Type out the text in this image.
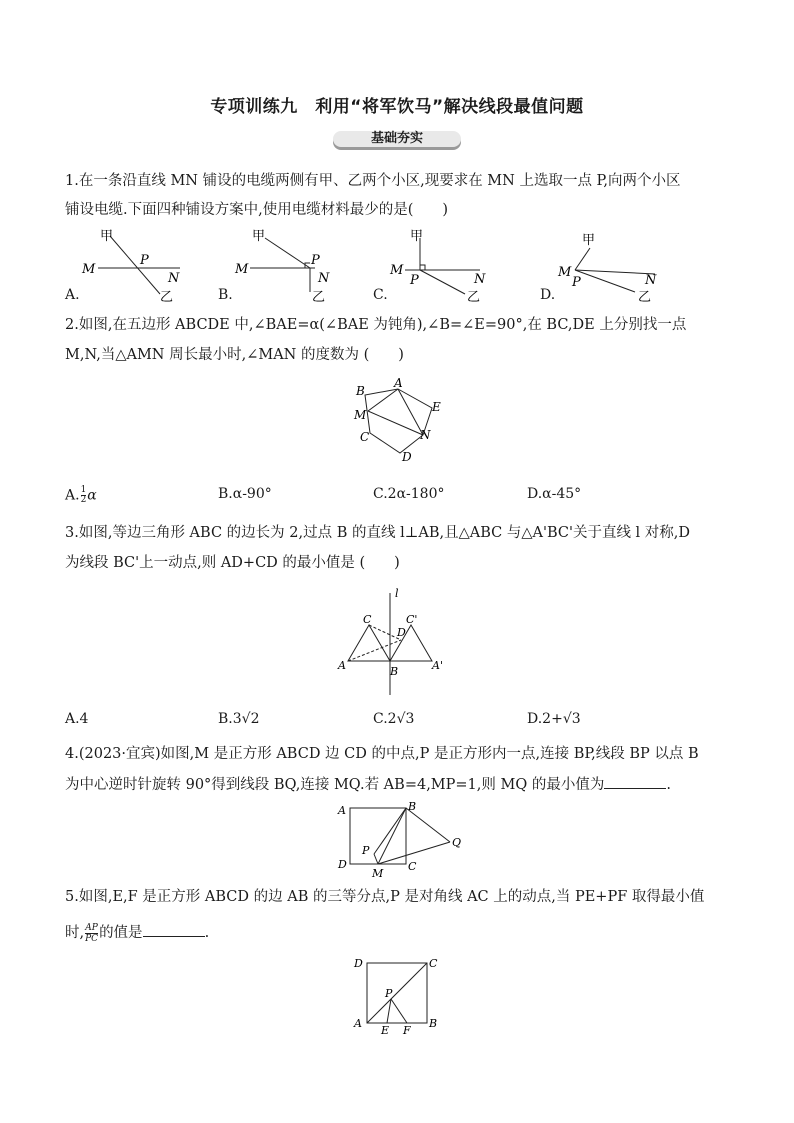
专项训练九　利用“将军饮马”解决线段最值问题
基础夯实
1.在一条沿直线 MN 铺设的电缆两侧有甲、乙两个小区,现要求在 MN 上选取一点 P,向两个小区
铺设电缆.下面四种铺设方案中,使用电缆材料最少的是(　　)
甲
M
P
N
乙
甲
M
P
N
乙
甲
M
P	N
乙
甲
M
P	N
乙
A.	B.	C.	D.
2.如图,在五边形 ABCDE 中,∠BAE=α(∠BAE 为钝角),∠B=∠E=90°,在 BC,DE 上分别找一点
M,N,当△AMN 周长最小时,∠MAN 的度数为 (　　)
A
B
E
M
N
C
D
A. $\frac{1}{2}$ α	B.α-90°	C.2α-180°	D.α-45°
3.如图,等边三角形 ABC 的边长为 2,过点 B 的直线 l⊥AB,且△ABC 与△A'BC'关于直线 l 对称,D
为线段 BC'上一动点,则 AD+CD 的最小值是 (　　)
l
C	C'
D
A	B	A'
A.4	B.3√2	C.2√3	D.2+√3
4.(2023·宜宾)如图,M 是正方形 ABCD 边 CD 的中点,P 是正方形内一点,连接 BP,线段 BP 以点 B
为中心逆时针旋转 90°得到线段 BQ,连接 MQ.若 AB=4,MP=1,则 MQ 的最小值为	.
A	B
Q
P
D	C
M
5.如图,E,F 是正方形 ABCD 的边 AB 的三等分点,P 是对角线 AC 上的动点,当 PE+PF 取得最小值
时, $\frac{AP}{PC}$ 的值是	.
D	C
P
A	B
E F
